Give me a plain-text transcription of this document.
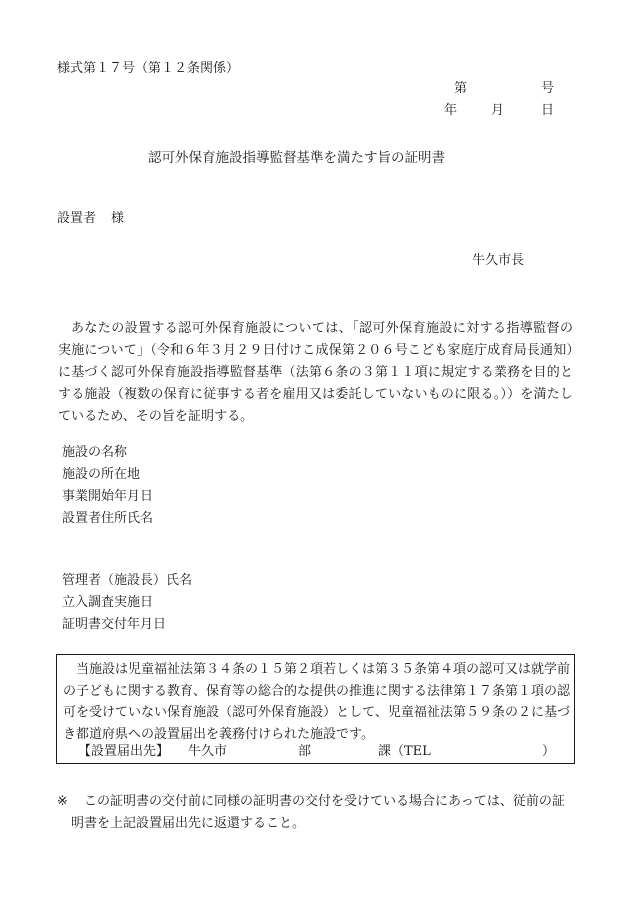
様式第１７号（第１２条関係）
第	号
年	月	日
認可外保育施設指導監督基準を満たす旨の証明書
設置者 様
牛久市長
あなたの設置する認可外保育施設については、「認可外保育施設に対する指導監督の実施について」（令和６年３月２９日付けこ成保第２０６号こども家庭庁成育局長通知）に基づく認可外保育施設指導監督基準（法第６条の３第１１項に規定する業務を目的とする施設（複数の保育に従事する者を雇用又は委託していないものに限る。））を満たしているため、その旨を証明する。
施設の名称
施設の所在地
事業開始年月日
設置者住所氏名
管理者（施設長）氏名
立入調査実施日
証明書交付年月日
当施設は児童福祉法第３４条の１５第２項若しくは第３５条第４項の認可又は就学前の子どもに関する教育、保育等の総合的な提供の推進に関する法律第１７条第１項の認可を受けていない保育施設（認可外保育施設）として、児童福祉法第５９条の２に基づき都道府県への設置届出を義務付けられた施設です。
【設置届出先】 牛久市	部	課（TEL	）
※	この証明書の交付前に同様の証明書の交付を受けている場合にあっては、従前の証明書を上記設置届出先に返還すること。
